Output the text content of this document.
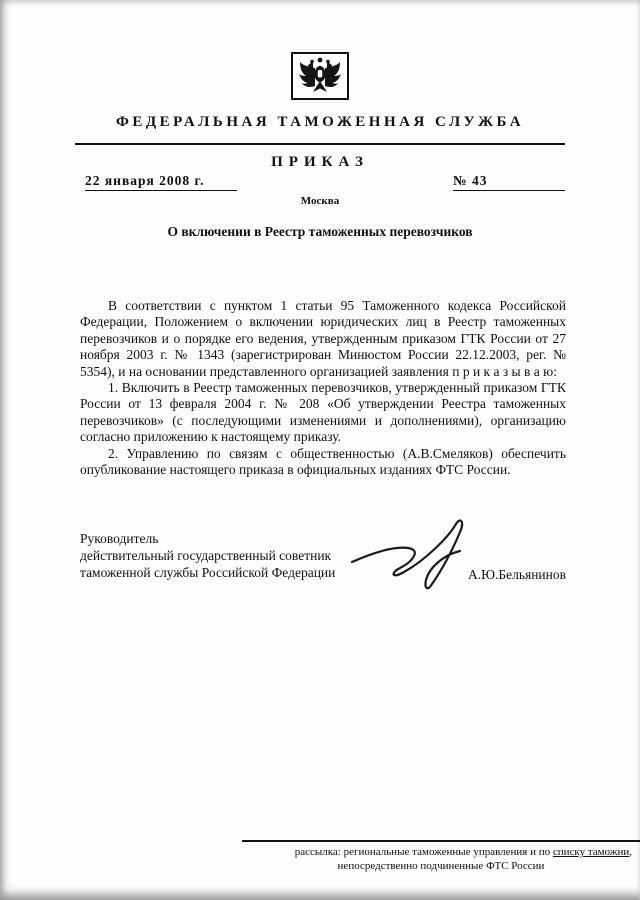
ФЕДЕРАЛЬНАЯ ТАМОЖЕННАЯ СЛУЖБА
ПРИКАЗ
22 января 2008 г.	№ 43
Москва
О включении в Реестр таможенных перевозчиков

В соответствии с пунктом 1 статьи 95 Таможенного кодекса Российской Федерации, Положением о включении юридических лиц в Реестр таможенных перевозчиков и о порядке его ведения, утвержденным приказом ГТК России от 27 ноября 2003 г. № 1343 (зарегистрирован Минюстом России 22.12.2003, рег. № 5354), и на основании представленного организацией заявления п р и к а з ы в а ю:

1. Включить в Реестр таможенных перевозчиков, утвержденный приказом ГТК России от 13 февраля 2004 г. № 208 «Об утверждении Реестра таможенных перевозчиков» (с последующими изменениями и дополнениями), организацию согласно приложению к настоящему приказу.

2. Управлению по связям с общественностью (А.В.Смеляков) обеспечить опубликование настоящего приказа в официальных изданиях ФТС России.

Руководитель
действительный государственный советник
таможенной службы Российской Федерации	А.Ю.Бельянинов
рассылка: региональные таможенные управления и по списку таможни,
непосредственно подчиненные ФТС России
